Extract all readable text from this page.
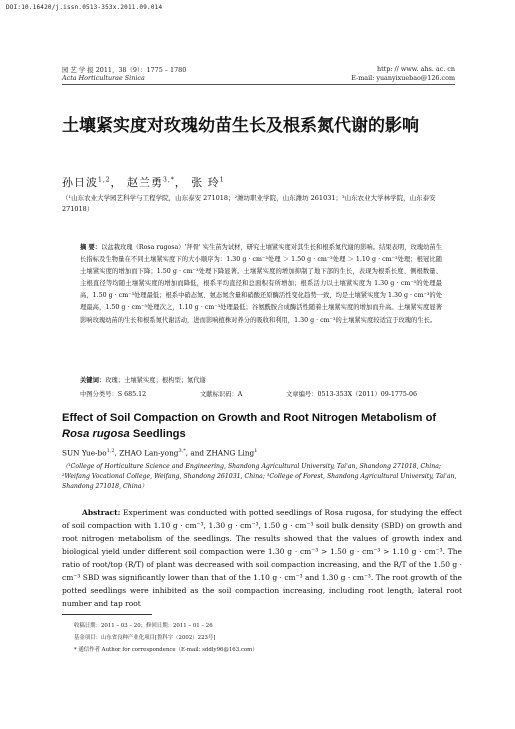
DOI:10.16420/j.issn.0513-353x.2011.09.014
园 艺 学 报 2011，38（9）：1775 – 1780
Acta Horticulturae Sinica
http: // www. ahs. ac. cn
E-mail: yuanyixuebao@126.com
土壤紧实度对玫瑰幼苗生长及根系氮代谢的影响
孙日波$^{1,2}$， 赵兰勇$^{3,*}$， 张 玲$^1$
（¹山东农业大学园艺科学与工程学院，山东泰安 271018；²潍坊职业学院，山东潍坊 261031；³山东农业大学林学院，山东泰安 271018）
摘 要：以盆栽玫瑰（Rosa rugosa）'拜骨' 实生苗为试材，研究土壤紧实度对其生长和根系氮代谢的影响。结果表明，玫瑰幼苗生长指标及生物量在不同土壤紧实度下的大小顺序为：1.30 g · cm⁻³处理 ＞ 1.50 g · cm⁻³处理 ＞ 1.10 g · cm⁻³处理；根冠比随土壤紧实度的增加而下降；1.50 g · cm⁻³处理下降显著。土壤紧实度的增加抑制了地下部的生长，表现为根系长度、侧根数量、主根直径等均随土壤紧实度的增加而降低，根系平均直径和总面积有所增加；根系活力以土壤紧实度为 1.30 g · cm⁻³的处理最高，1.50 g · cm⁻³处理最低；根系中硝态氮、氨态氮含量和硝酸还原酶活性变化趋势一致，均是土壤紧实度为 1.30 g · cm⁻³的处理最高，1.50 g · cm⁻³处理次之，1.10 g · cm⁻³处理最低；谷氨酰胺合成酶活性随着土壤紧实度的增加而升高。土壤紧实度显著影响玫瑰幼苗的生长和根系氮代谢活动，进而影响植株对养分的吸收和利用，1.30 g · cm⁻³的土壤紧实度较适宜于玫瑰的生长。
关键词：玫瑰；土壤紧实度；根构型；氮代谢
中图分类号：S 685.12	文献标识码：A	文章编号：0513-353X（2011）09-1775-06
Effect of Soil Compaction on Growth and Root Nitrogen Metabolism of Rosa rugosa Seedlings
SUN Yue-bo$^{1,2}$, ZHAO Lan-yong$^{3,*}$, and ZHANG Ling$^1$
（¹College of Horticulture Science and Engineering, Shandong Agricultural University, Tai'an, Shandong 271018, China; ²Weifang Vocational College, Weifang, Shandong 261031, China; ³College of Forest, Shandong Agricultural University, Tai'an, Shandong 271018, China）
Abstract: Experiment was conducted with potted seedlings of Rosa rugosa, for studying the effect of soil compaction with 1.10 g · cm⁻³, 1.30 g · cm⁻³, 1.50 g · cm⁻³ soil bulk density (SBD) on growth and root nitrogen metabolism of the seedlings. The results showed that the values of growth index and biological yield under different soil compaction were 1.30 g · cm⁻³ > 1.50 g · cm⁻³ > 1.10 g · cm⁻³. The ratio of root/top (R/T) of plant was decreased with soil compaction increasing, and the R/T of the 1.50 g · cm⁻³ SBD was significantly lower than that of the 1.10 g · cm⁻³ and 1.30 g · cm⁻³. The root growth of the potted seedlings were inhibited as the soil compaction increasing, including root length, lateral root number and tap root
收稿日期：2011 – 03 – 20；修回日期：2011 – 01 – 26
基金项目：山东省良种产业化项目[鲁科字（2002）223号]
* 通信作者 Author for correspondence（E-mail: sddly96@163.com）
